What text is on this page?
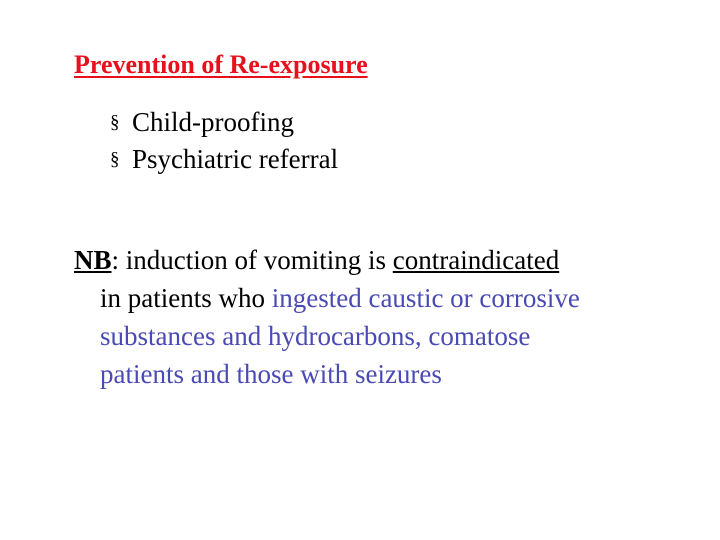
Prevention of Re-exposure
§ Child-proofing
§ Psychiatric referral
NB: induction of vomiting is contraindicated
in patients who ingested caustic or corrosive
substances and hydrocarbons, comatose
patients and those with seizures
